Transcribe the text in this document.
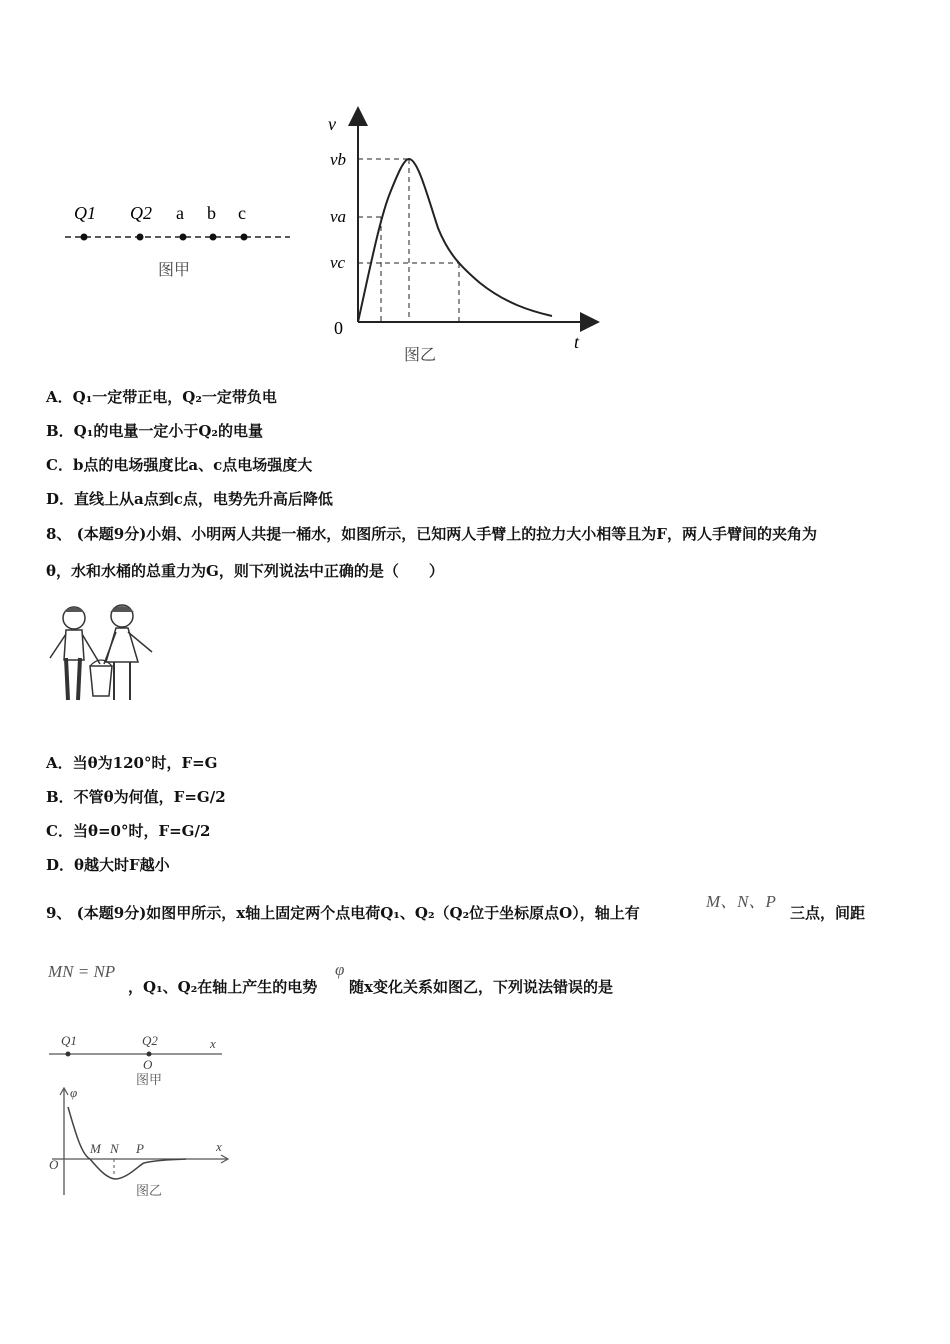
Q1 Q2 a b c
图甲
v
t
0
vb
va
vc
图乙
A．Q₁一定带正电，Q₂一定带负电
B．Q₁的电量一定小于Q₂的电量
C．b点的电场强度比a、c点电场强度大
D．直线上从a点到c点，电势先升高后降低
8、 (本题9分)小娟、小明两人共提一桶水，如图所示，已知两人手臂上的拉力大小相等且为F，两人手臂间的夹角为
θ，水和水桶的总重力为G，则下列说法中正确的是（　　）
A．当θ为120°时，F=G
B．不管θ为何值，F=G/2
C．当θ=0°时，F=G/2
D．θ越大时F越小
9、 (本题9分)如图甲所示，x轴上固定两个点电荷Q₁、Q₂（Q₂位于坐标原点O），轴上有
M、N、P
三点，间距
MN = NP
，Q₁、Q₂在轴上产生的电势
φ
随x变化关系如图乙，下列说法错误的是
Q1	Q2	x
O
图甲
φ
x
O
M N P
图乙
